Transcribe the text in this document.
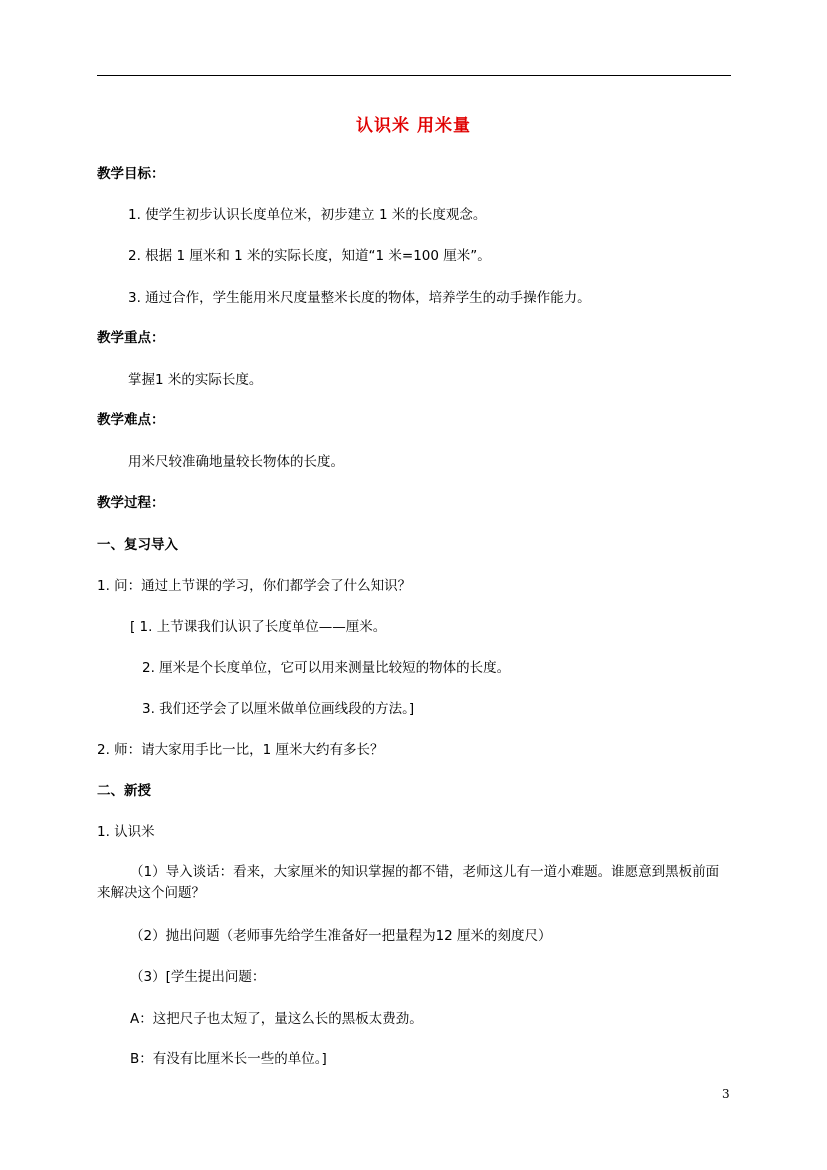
认识米 用米量
教学目标：
1. 使学生初步认识长度单位米，初步建立 1 米的长度观念。
2. 根据 1 厘米和 1 米的实际长度，知道“1 米=100 厘米”。
3. 通过合作，学生能用米尺度量整米长度的物体，培养学生的动手操作能力。
教学重点：
掌握1 米的实际长度。
教学难点：
用米尺较准确地量较长物体的长度。
教学过程：
一、复习导入
1. 问：通过上节课的学习，你们都学会了什么知识？
[ 1. 上节课我们认识了长度单位——厘米。
2. 厘米是个长度单位，它可以用来测量比较短的物体的长度。
3. 我们还学会了以厘米做单位画线段的方法。]
2. 师：请大家用手比一比，1 厘米大约有多长？
二、新授
1. 认识米
（1）导入谈话：看来，大家厘米的知识掌握的都不错，老师这儿有一道小难题。谁愿意到黑板前面来解决这个问题？
（2）抛出问题（老师事先给学生准备好一把量程为12 厘米的刻度尺）
（3）[学生提出问题：
A：这把尺子也太短了，量这么长的黑板太费劲。
B：有没有比厘米长一些的单位。]
3
